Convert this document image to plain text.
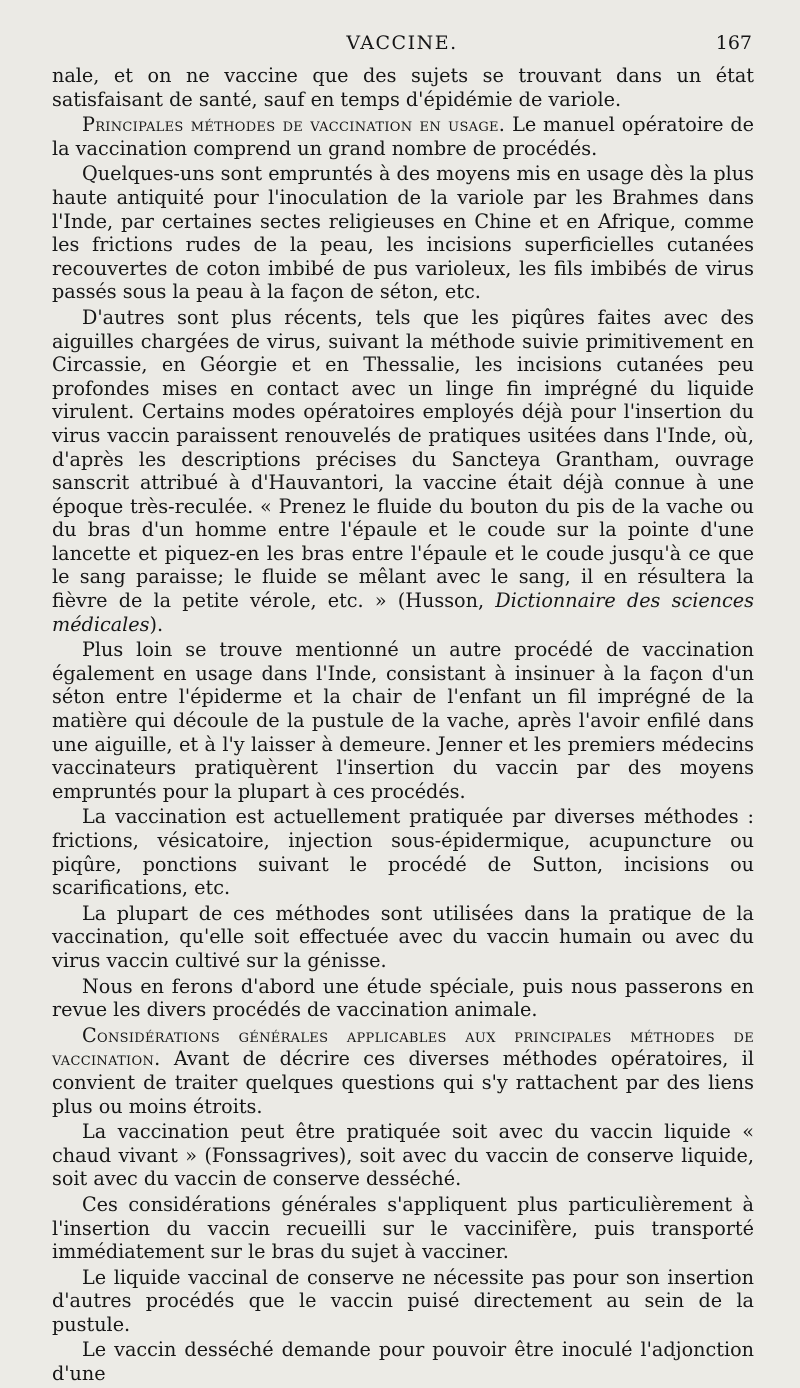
VACCINE.	167

nale, et on ne vaccine que des sujets se trouvant dans un état satisfaisant de santé, sauf en temps d'épidémie de variole.

Principales méthodes de vaccination en usage. Le manuel opératoire de la vaccination comprend un grand nombre de procédés.

Quelques-uns sont empruntés à des moyens mis en usage dès la plus haute antiquité pour l'inoculation de la variole par les Brahmes dans l'Inde, par certaines sectes religieuses en Chine et en Afrique, comme les frictions rudes de la peau, les incisions superficielles cutanées recouvertes de coton imbibé de pus varioleux, les fils imbibés de virus passés sous la peau à la façon de séton, etc.

D'autres sont plus récents, tels que les piqûres faites avec des aiguilles chargées de virus, suivant la méthode suivie primitivement en Circassie, en Géorgie et en Thessalie, les incisions cutanées peu profondes mises en contact avec un linge fin imprégné du liquide virulent. Certains modes opératoires employés déjà pour l'insertion du virus vaccin paraissent renouvelés de pratiques usitées dans l'Inde, où, d'après les descriptions précises du Sancteya Grantham, ouvrage sanscrit attribué à d'Hauvantori, la vaccine était déjà connue à une époque très-reculée. « Prenez le fluide du bouton du pis de la vache ou du bras d'un homme entre l'épaule et le coude sur la pointe d'une lancette et piquez-en les bras entre l'épaule et le coude jusqu'à ce que le sang paraisse; le fluide se mêlant avec le sang, il en résultera la fièvre de la petite vérole, etc. » (Husson, Dictionnaire des sciences médicales).

Plus loin se trouve mentionné un autre procédé de vaccination également en usage dans l'Inde, consistant à insinuer à la façon d'un séton entre l'épiderme et la chair de l'enfant un fil imprégné de la matière qui découle de la pustule de la vache, après l'avoir enfilé dans une aiguille, et à l'y laisser à demeure. Jenner et les premiers médecins vaccinateurs pratiquèrent l'insertion du vaccin par des moyens empruntés pour la plupart à ces procédés.

La vaccination est actuellement pratiquée par diverses méthodes : frictions, vésicatoire, injection sous-épidermique, acupuncture ou piqûre, ponctions suivant le procédé de Sutton, incisions ou scarifications, etc.

La plupart de ces méthodes sont utilisées dans la pratique de la vaccination, qu'elle soit effectuée avec du vaccin humain ou avec du virus vaccin cultivé sur la génisse.

Nous en ferons d'abord une étude spéciale, puis nous passerons en revue les divers procédés de vaccination animale.

Considérations générales applicables aux principales méthodes de vaccination. Avant de décrire ces diverses méthodes opératoires, il convient de traiter quelques questions qui s'y rattachent par des liens plus ou moins étroits.

La vaccination peut être pratiquée soit avec du vaccin liquide « chaud vivant » (Fonssagrives), soit avec du vaccin de conserve liquide, soit avec du vaccin de conserve desséché.

Ces considérations générales s'appliquent plus particulièrement à l'insertion du vaccin recueilli sur le vaccinifère, puis transporté immédiatement sur le bras du sujet à vacciner.

Le liquide vaccinal de conserve ne nécessite pas pour son insertion d'autres procédés que le vaccin puisé directement au sein de la pustule.

Le vaccin desséché demande pour pouvoir être inoculé l'adjonction d'une
